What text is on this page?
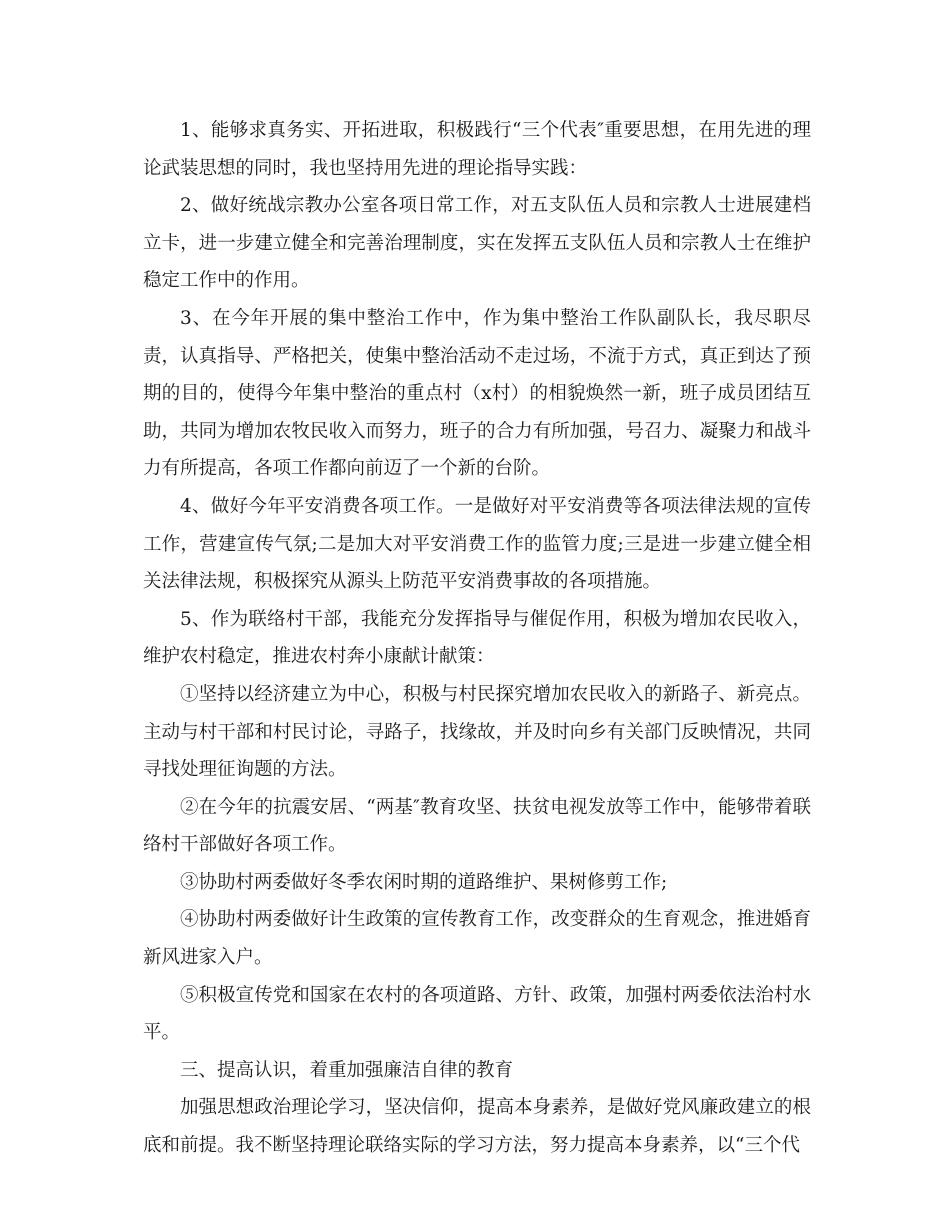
1、能够求真务实、开拓进取，积极践行“三个代表″重要思想，在用先进的理论武装思想的同时，我也坚持用先进的理论指导实践：

2、做好统战宗教办公室各项日常工作，对五支队伍人员和宗教人士进展建档立卡，进一步建立健全和完善治理制度，实在发挥五支队伍人员和宗教人士在维护稳定工作中的作用。

3、在今年开展的集中整治工作中，作为集中整治工作队副队长，我尽职尽责，认真指导、严格把关，使集中整治活动不走过场，不流于方式，真正到达了预期的目的，使得今年集中整治的重点村（x村）的相貌焕然一新，班子成员团结互助，共同为增加农牧民收入而努力，班子的合力有所加强，号召力、凝聚力和战斗力有所提高，各项工作都向前迈了一个新的台阶。

4、做好今年平安消费各项工作。一是做好对平安消费等各项法律法规的宣传工作，营建宣传气氛;二是加大对平安消费工作的监管力度;三是进一步建立健全相关法律法规，积极探究从源头上防范平安消费事故的各项措施。

5、作为联络村干部，我能充分发挥指导与催促作用，积极为增加农民收入，维护农村稳定，推进农村奔小康献计献策：

①坚持以经济建立为中心，积极与村民探究增加农民收入的新路子、新亮点。主动与村干部和村民讨论，寻路子，找缘故，并及时向乡有关部门反映情况，共同寻找处理征询题的方法。

②在今年的抗震安居、“两基″教育攻坚、扶贫电视发放等工作中，能够带着联络村干部做好各项工作。

③协助村两委做好冬季农闲时期的道路维护、果树修剪工作;

④协助村两委做好计生政策的宣传教育工作，改变群众的生育观念，推进婚育新风进家入户。

⑤积极宣传党和国家在农村的各项道路、方针、政策，加强村两委依法治村水平。

三、提高认识，着重加强廉洁自律的教育

加强思想政治理论学习，坚决信仰，提高本身素养，是做好党风廉政建立的根底和前提。我不断坚持理论联络实际的学习方法，努力提高本身素养，以“三个代
